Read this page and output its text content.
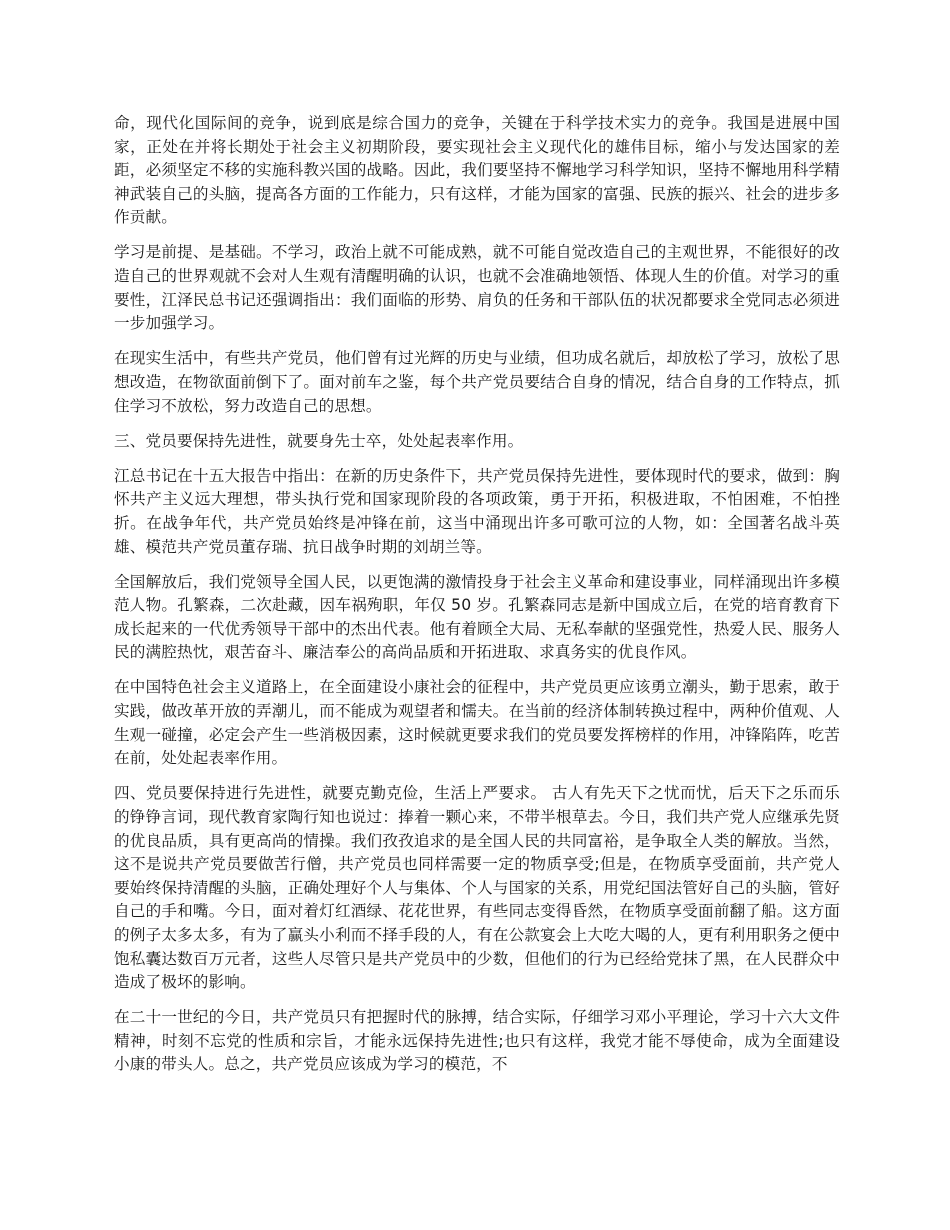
命，现代化国际间的竞争，说到底是综合国力的竞争，关键在于科学技术实力的竞争。我国是进展中国家，正处在并将长期处于社会主义初期阶段，要实现社会主义现代化的雄伟目标，缩小与发达国家的差距，必须坚定不移的实施科教兴国的战略。因此，我们要坚持不懈地学习科学知识，坚持不懈地用科学精神武装自己的头脑，提高各方面的工作能力，只有这样，才能为国家的富强、民族的振兴、社会的进步多作贡献。

学习是前提、是基础。不学习，政治上就不可能成熟，就不可能自觉改造自己的主观世界，不能很好的改造自己的世界观就不会对人生观有清醒明确的认识，也就不会准确地领悟、体现人生的价值。对学习的重要性，江泽民总书记还强调指出：我们面临的形势、肩负的任务和干部队伍的状况都要求全党同志必须进一步加强学习。

在现实生活中，有些共产党员，他们曾有过光辉的历史与业绩，但功成名就后，却放松了学习，放松了思想改造，在物欲面前倒下了。面对前车之鉴，每个共产党员要结合自身的情况，结合自身的工作特点，抓住学习不放松，努力改造自己的思想。

三、党员要保持先进性，就要身先士卒，处处起表率作用。

江总书记在十五大报告中指出：在新的历史条件下，共产党员保持先进性，要体现时代的要求，做到：胸怀共产主义远大理想，带头执行党和国家现阶段的各项政策，勇于开拓，积极进取，不怕困难，不怕挫折。在战争年代，共产党员始终是冲锋在前，这当中涌现出许多可歌可泣的人物，如：全国著名战斗英雄、模范共产党员董存瑞、抗日战争时期的刘胡兰等。

全国解放后，我们党领导全国人民，以更饱满的激情投身于社会主义革命和建设事业，同样涌现出许多模范人物。孔繁森，二次赴藏，因车祸殉职，年仅 50 岁。孔繁森同志是新中国成立后，在党的培育教育下成长起来的一代优秀领导干部中的杰出代表。他有着顾全大局、无私奉献的坚强党性，热爱人民、服务人民的满腔热忱，艰苦奋斗、廉洁奉公的高尚品质和开拓进取、求真务实的优良作风。

在中国特色社会主义道路上，在全面建设小康社会的征程中，共产党员更应该勇立潮头，勤于思索，敢于实践，做改革开放的弄潮儿，而不能成为观望者和懦夫。在当前的经济体制转换过程中，两种价值观、人生观一碰撞，必定会产生一些消极因素，这时候就更要求我们的党员要发挥榜样的作用，冲锋陷阵，吃苦在前，处处起表率作用。

四、党员要保持进行先进性，就要克勤克俭，生活上严要求。 古人有先天下之忧而忧，后天下之乐而乐的铮铮言词，现代教育家陶行知也说过：捧着一颗心来，不带半根草去。今日，我们共产党人应继承先贤的优良品质，具有更高尚的情操。我们孜孜追求的是全国人民的共同富裕，是争取全人类的解放。当然，这不是说共产党员要做苦行僧，共产党员也同样需要一定的物质享受;但是，在物质享受面前，共产党人要始终保持清醒的头脑，正确处理好个人与集体、个人与国家的关系，用党纪国法管好自己的头脑，管好自己的手和嘴。今日，面对着灯红酒绿、花花世界，有些同志变得昏然，在物质享受面前翻了船。这方面的例子太多太多，有为了赢头小利而不择手段的人，有在公款宴会上大吃大喝的人，更有利用职务之便中饱私囊达数百万元者，这些人尽管只是共产党员中的少数，但他们的行为已经给党抹了黑，在人民群众中造成了极坏的影响。

在二十一世纪的今日，共产党员只有把握时代的脉搏，结合实际，仔细学习邓小平理论，学习十六大文件精神，时刻不忘党的性质和宗旨，才能永远保持先进性;也只有这样，我党才能不辱使命，成为全面建设小康的带头人。总之，共产党员应该成为学习的模范，不
